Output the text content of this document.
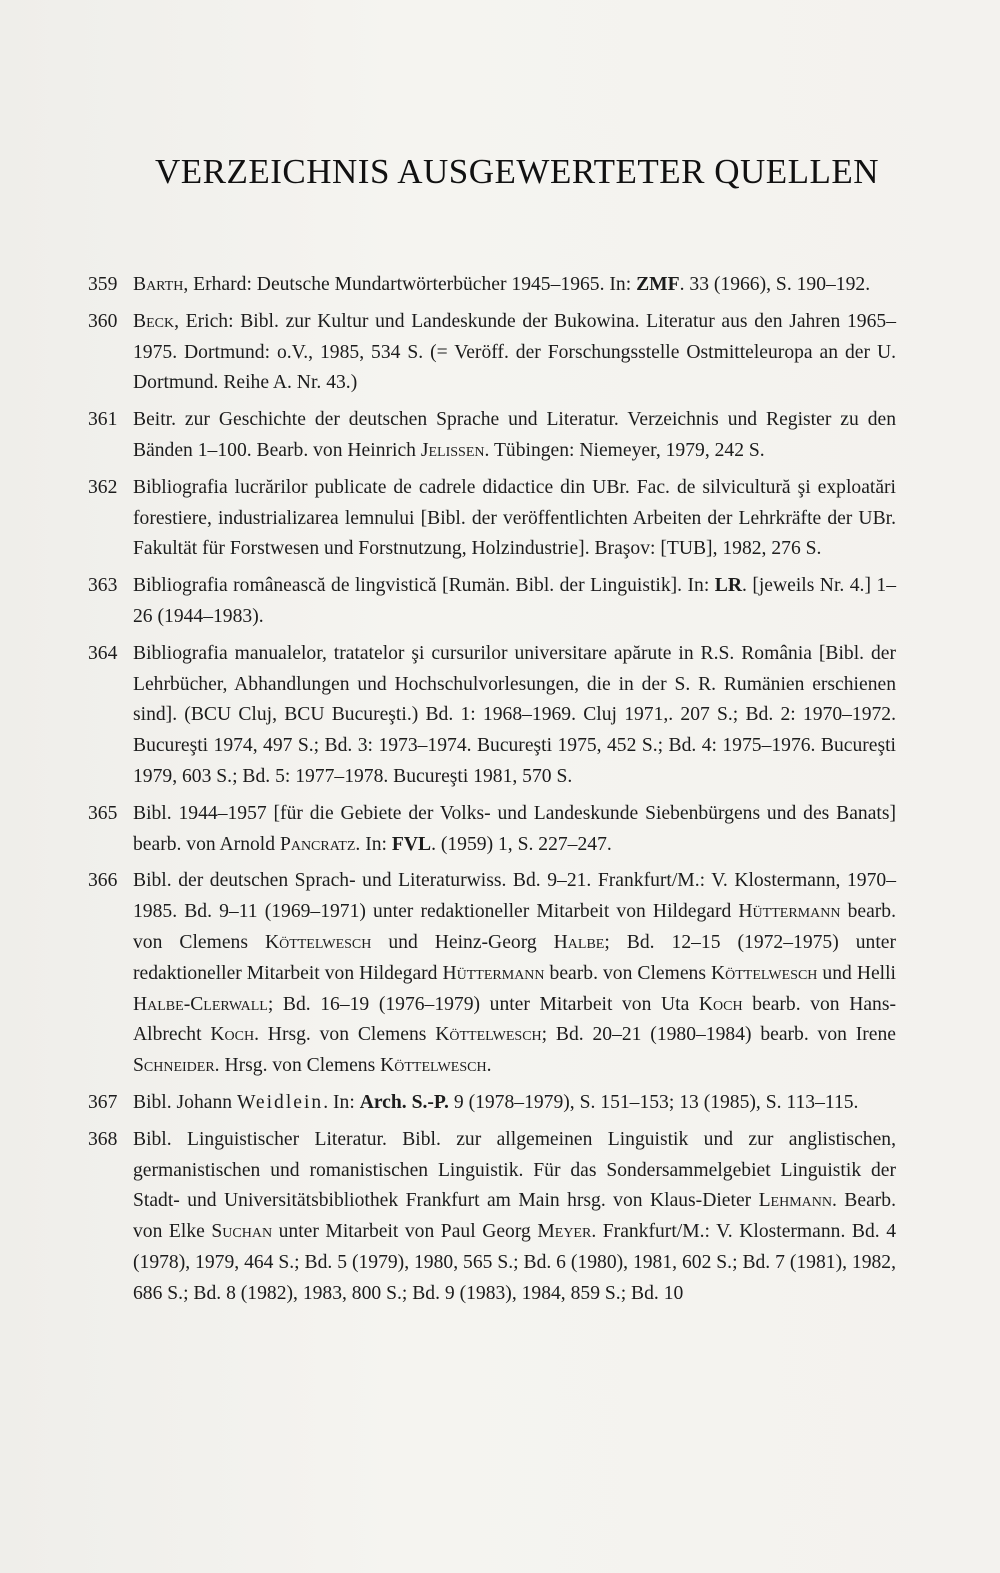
VERZEICHNIS AUSGEWERTETER QUELLEN
359 Barth, Erhard: Deutsche Mundartwörterbücher 1945–1965. In: ZMF. 33 (1966), S. 190–192.
360 Beck, Erich: Bibl. zur Kultur und Landeskunde der Bukowina. Literatur aus den Jahren 1965–1975. Dortmund: o.V., 1985, 534 S. (= Veröff. der Forschungsstelle Ostmitteleuropa an der U. Dortmund. Reihe A. Nr. 43.)
361 Beitr. zur Geschichte der deutschen Sprache und Literatur. Verzeichnis und Register zu den Bänden 1–100. Bearb. von Heinrich Jelissen. Tübingen: Niemeyer, 1979, 242 S.
362 Bibliografia lucrărilor publicate de cadrele didactice din UBr. Fac. de silvicultură şi exploatări forestiere, industrializarea lemnului [Bibl. der veröffentlichten Arbeiten der Lehrkräfte der UBr. Fakultät für Forstwesen und Forstnutzung, Holzindustrie]. Braşov: [TUB], 1982, 276 S.
363 Bibliografia românească de lingvistică [Rumän. Bibl. der Linguistik]. In: LR. [jeweils Nr. 4.] 1–26 (1944–1983).
364 Bibliografia manualelor, tratatelor şi cursurilor universitare apărute in R.S. România [Bibl. der Lehrbücher, Abhandlungen und Hochschulvorlesungen, die in der S. R. Rumänien erschienen sind]. (BCU Cluj, BCU Bucureşti.) Bd. 1: 1968–1969. Cluj 1971,. 207 S.; Bd. 2: 1970–1972. Bucureşti 1974, 497 S.; Bd. 3: 1973–1974. Bucureşti 1975, 452 S.; Bd. 4: 1975–1976. Bucureşti 1979, 603 S.; Bd. 5: 1977–1978. Bucureşti 1981, 570 S.
365 Bibl. 1944–1957 [für die Gebiete der Volks- und Landeskunde Siebenbürgens und des Banats] bearb. von Arnold Pancratz. In: FVL. (1959) 1, S. 227–247.
366 Bibl. der deutschen Sprach- und Literaturwiss. Bd. 9–21. Frankfurt/M.: V. Klostermann, 1970–1985. Bd. 9–11 (1969–1971) unter redaktioneller Mitarbeit von Hildegard Hüttermann bearb. von Clemens Köttelwesch und Heinz-Georg Halbe; Bd. 12–15 (1972–1975) unter redaktioneller Mitarbeit von Hildegard Hüttermann bearb. von Clemens Köttelwesch und Helli Halbe-Clerwall; Bd. 16–19 (1976–1979) unter Mitarbeit von Uta Koch bearb. von Hans-Albrecht Koch. Hrsg. von Clemens Köttelwesch; Bd. 20–21 (1980–1984) bearb. von Irene Schneider. Hrsg. von Clemens Köttelwesch.
367 Bibl. Johann Weidlein. In: Arch. S.-P. 9 (1978–1979), S. 151–153; 13 (1985), S. 113–115.
368 Bibl. Linguistischer Literatur. Bibl. zur allgemeinen Linguistik und zur anglistischen, germanistischen und romanistischen Linguistik. Für das Sondersammelgebiet Linguistik der Stadt- und Universitätsbibliothek Frankfurt am Main hrsg. von Klaus-Dieter Lehmann. Bearb. von Elke Suchan unter Mitarbeit von Paul Georg Meyer. Frankfurt/M.: V. Klostermann. Bd. 4 (1978), 1979, 464 S.; Bd. 5 (1979), 1980, 565 S.; Bd. 6 (1980), 1981, 602 S.; Bd. 7 (1981), 1982, 686 S.; Bd. 8 (1982), 1983, 800 S.; Bd. 9 (1983), 1984, 859 S.; Bd. 10
